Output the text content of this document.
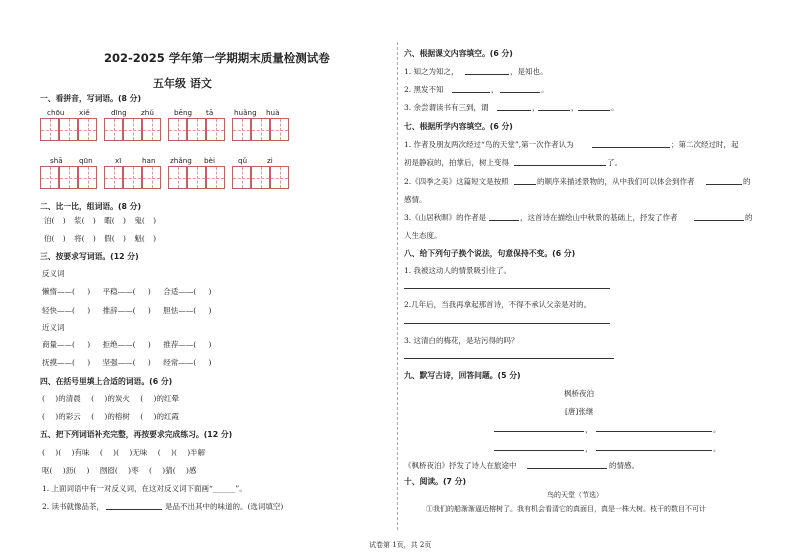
202-2025 学年第一学期期末质量检测试卷
五年级 语文
一、看拼音，写词语。(8 分)
chōu xiě	dīng zhǔ	bēng tā	huǎng huà
shā qūn	xī	han zhǎng bèi	qǔ	zi
二、比一比，组词语。(8 分)
泊( ) 浆( ) 暇( ) 鬼( )
伯( ) 将( ) 假( ) 魁( )
三、按要求写词语。(12 分)
反义词
懒惰——( ) 平稳——( ) 合适——( )
轻快——( ) 推辞——( ) 胆怯——( )
近义词
商量——( ) 拒绝——( ) 推荐——( )
抚摸——( ) 坚强——( ) 经常——( )
四、在括号里填上合适的词语。(6 分)
( )的清晨 ( )的炭火 ( )的红晕
( )的彩云 ( )的榕树 ( )的红霞
五、把下列词语补充完整，再按要求完成练习。(12 分)
( )( )有味 ( )( )无味 ( )( )半解
呕( )沥( ) 囫囵( )枣 ( )猜( )感
1. 上面词语中有一对反义词，在这对反义词下面画“______”。
2. 读书就像品茶，	是品不出其中的味道的。(选词填空)
六、根据课文内容填空。(6 分)
1. 知之为知之，	，是知也。
2. 黑发不知	，	。
3. 余尝谓读书有三到，谓	，	，	。
七、根据所学内容填空。(6 分)
1. 作者及朋友两次经过“鸟的天堂”,第一次作者认为	；第二次经过时，起
初是静寂的，拍掌后，树上变得	了。
2.《四季之美》这篇短文是按照	的顺序来描述景物的，从中我们可以体会到作者	的
感情。
3.《山居秋暝》的作者是	，这首诗在描绘山中秋景的基础上，抒发了作者	的
人生态度。
八、给下列句子换个说法，句意保持不变。(6 分)
1. 我被这动人的情景吸引住了。
2.几年后，当我再拿起那首诗，不得不承认父亲是对的。
3. 这清白的梅花，是玷污得的吗？
九、默写古诗，回答问题。(5 分)
枫桥夜泊
[唐]张继
，	。
，	。
《枫桥夜泊》抒发了诗人在旅途中	的情感。
十、阅读。(7 分)
鸟的天堂（节选）
①我们的船渐渐逼近榕树了。我有机会看清它的真面目，真是一株大树。枝干的数目不可计
试卷第 1页，共 2页
